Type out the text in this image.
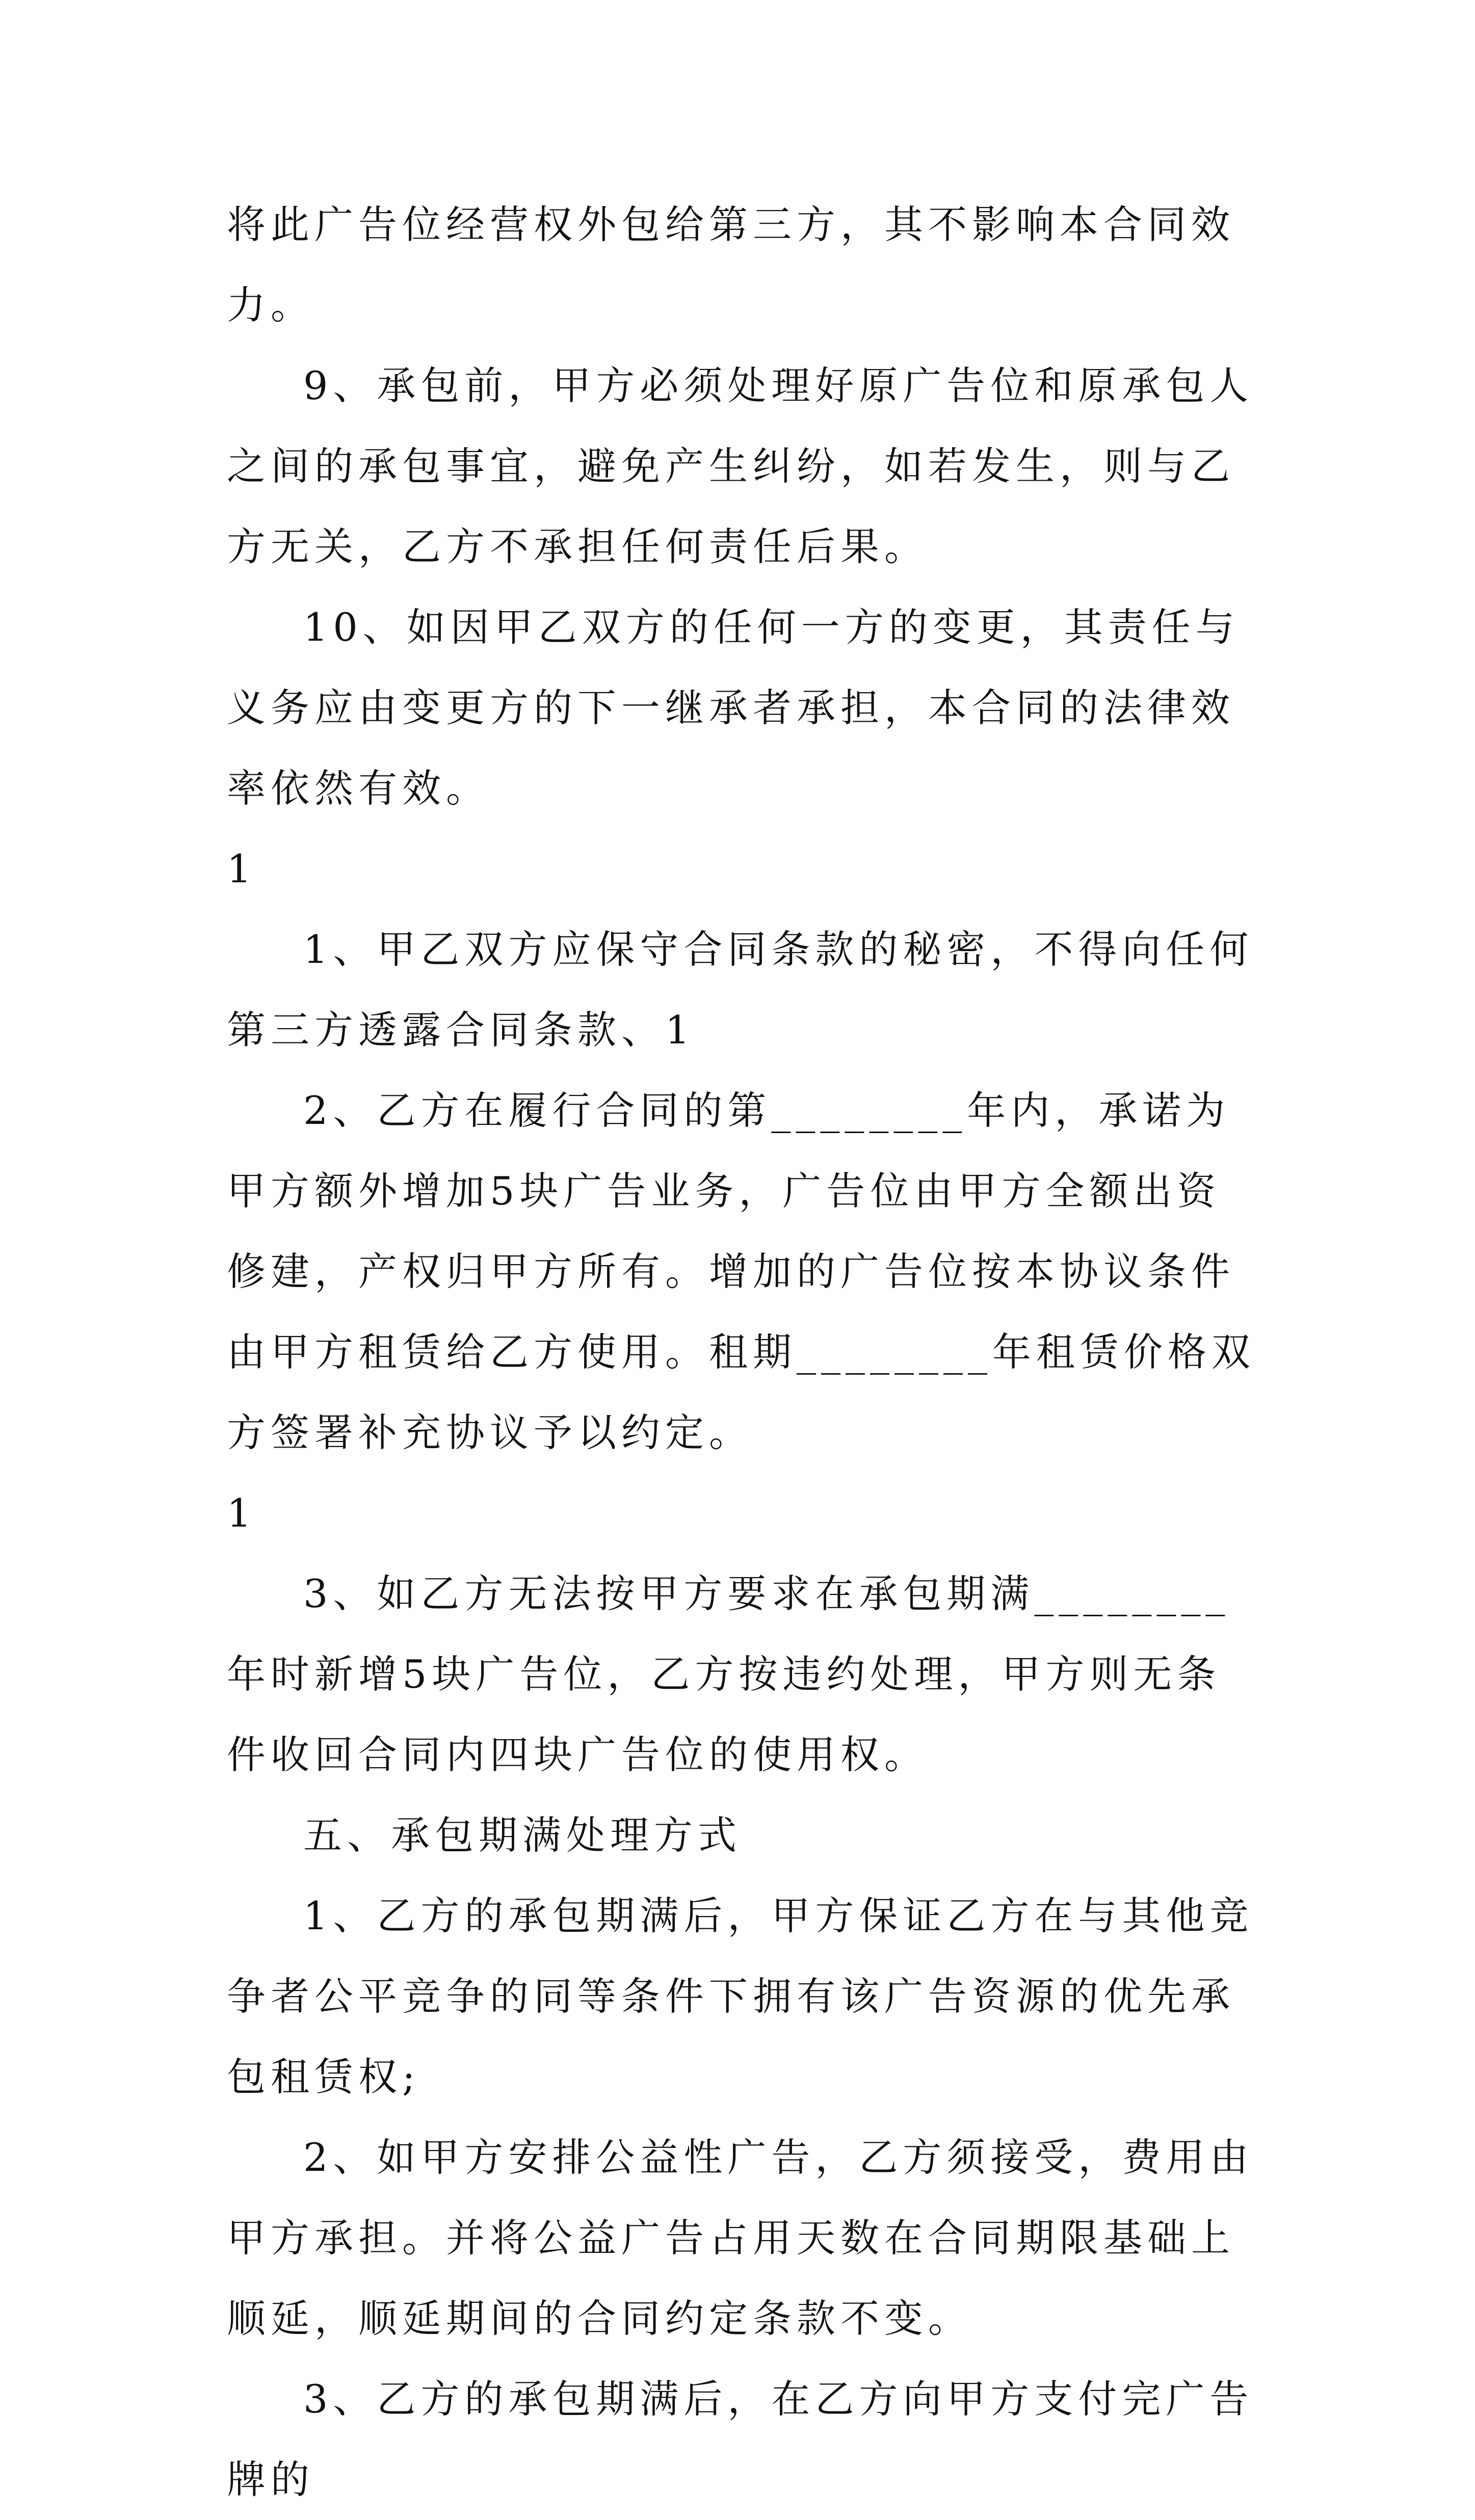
将此广告位经营权外包给第三方，其不影响本合同效力。

9、承包前，甲方必须处理好原广告位和原承包人之间的承包事宜，避免产生纠纷，如若发生，则与乙方无关，乙方不承担任何责任后果。

10、如因甲乙双方的任何一方的变更，其责任与义务应由变更方的下一继承者承担，本合同的法律效率依然有效。

1

1、甲乙双方应保守合同条款的秘密，不得向任何第三方透露合同条款、1

2、乙方在履行合同的第________年内，承诺为甲方额外增加5块广告业务，广告位由甲方全额出资修建，产权归甲方所有。增加的广告位按本协议条件由甲方租赁给乙方使用。租期________年租赁价格双方签署补充协议予以约定。

1

3、如乙方无法按甲方要求在承包期满________年时新增5块广告位，乙方按违约处理，甲方则无条件收回合同内四块广告位的使用权。

五、承包期满处理方式

1、乙方的承包期满后，甲方保证乙方在与其他竞争者公平竞争的同等条件下拥有该广告资源的优先承包租赁权;

2、如甲方安排公益性广告，乙方须接受，费用由甲方承担。并将公益广告占用天数在合同期限基础上顺延，顺延期间的合同约定条款不变。

3、乙方的承包期满后，在乙方向甲方支付完广告牌的
